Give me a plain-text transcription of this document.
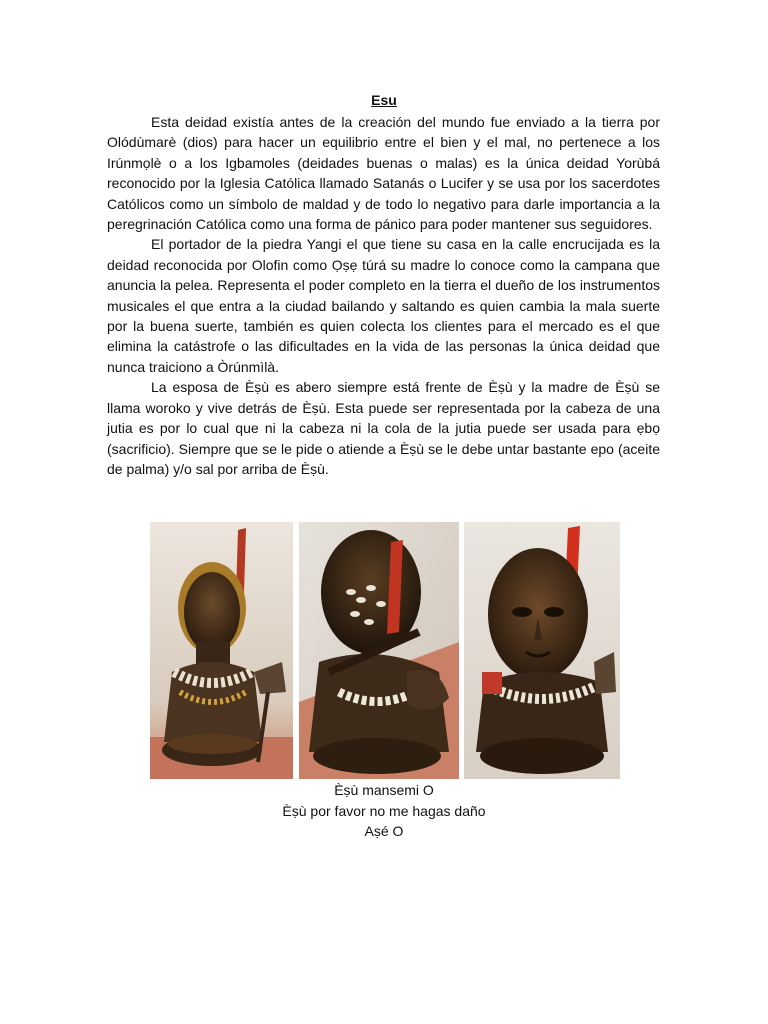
Esu

Esta deidad existía antes de la creación del mundo fue enviado a la tierra por Olódùmarè (dios) para hacer un equilibrio entre el bien y el mal, no pertenece a los Irúnmọlè o a los Igbamoles (deidades buenas o malas) es la única deidad Yorùbá reconocido por la Iglesia Católica llamado Satanás o Lucifer y se usa por los sacerdotes Católicos como un símbolo de maldad y de todo lo negativo para darle importancia a la peregrinación Católica como una forma de pánico para poder mantener sus seguidores.

El portador de la piedra Yangi el que tiene su casa en la calle encrucijada es la deidad reconocida por Olofin como Ọṣẹ túrá su madre lo conoce como la campana que anuncia la pelea. Representa el poder completo en la tierra el dueño de los instrumentos musicales el que entra a la ciudad bailando y saltando es quien cambia la mala suerte por la buena suerte, también es quien colecta los clientes para el mercado es el que elimina la catástrofe o las dificultades en la vida de las personas la única deidad que nunca traiciono a Òrúnmìlà.

La esposa de Èṣù es abero siempre está frente de Èṣù y la madre de Èṣù se llama woroko y vive detrás de Èṣù. Esta puede ser representada por la cabeza de una jutia es por lo cual que ni la cabeza ni la cola de la jutia puede ser usada para ẹbọ (sacrificio). Siempre que se le pide o atiende a Èṣù se le debe untar bastante epo (aceite de palma) y/o sal por arriba de Èṣù.

Èṣù mansemi O
Èṣù por favor no me hagas daño
Aṣé O
